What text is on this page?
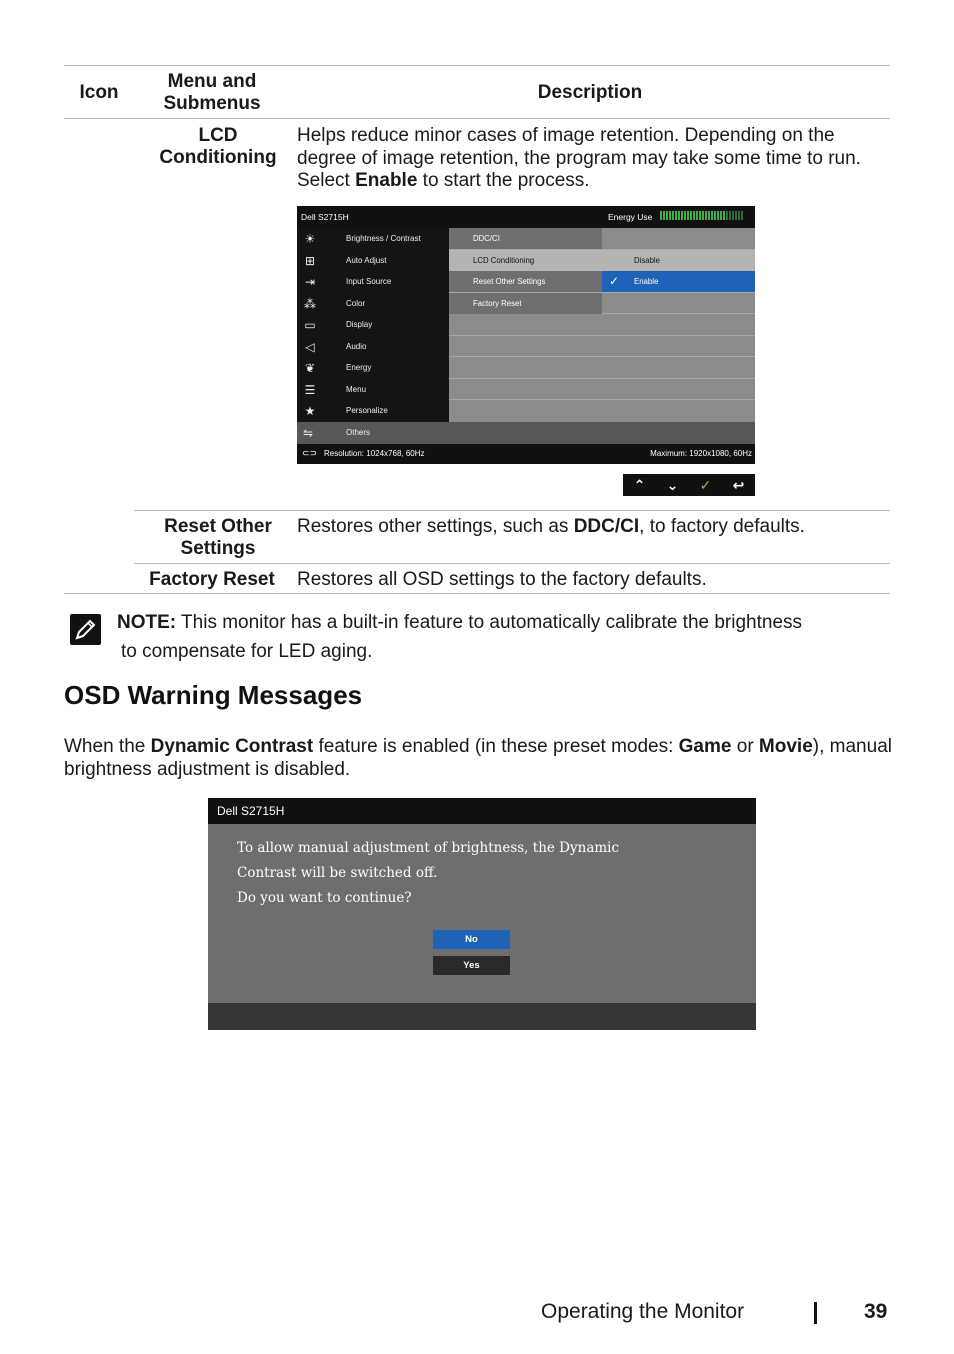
Icon
Menu and Submenus
Description
LCD Conditioning
Helps reduce minor cases of image retention. Depending on the degree of image retention, the program may take some time to run. Select Enable to start the process.
Dell S2715H	Energy Use
☀	Brightness / Contrast
⊞	Auto Adjust
⇥	Input Source
⁂	Color
▭	Display
◁	Audio
❦	Energy
☰	Menu
★	Personalize
DDC/CI
LCD Conditioning	Disable
Reset Other Settings	✓ Enable
Factory Reset
⇋	Others
⊂⊃ Resolution: 1024x768, 60Hz	Maximum: 1920x1080, 60Hz
⌃ ⌄ ✓ ↩
Reset Other Settings
Restores other settings, such as DDC/CI, to factory defaults.
Factory Reset	Restores all OSD settings to the factory defaults.
NOTE: This monitor has a built-in feature to automatically calibrate the brightness
to compensate for LED aging.
OSD Warning Messages
When the Dynamic Contrast feature is enabled (in these preset modes: Game or Movie), manual brightness adjustment is disabled.
Dell S2715H
To allow manual adjustment of brightness, the Dynamic
Contrast will be switched off.
Do you want to continue?
No
Yes
Operating the Monitor	39
